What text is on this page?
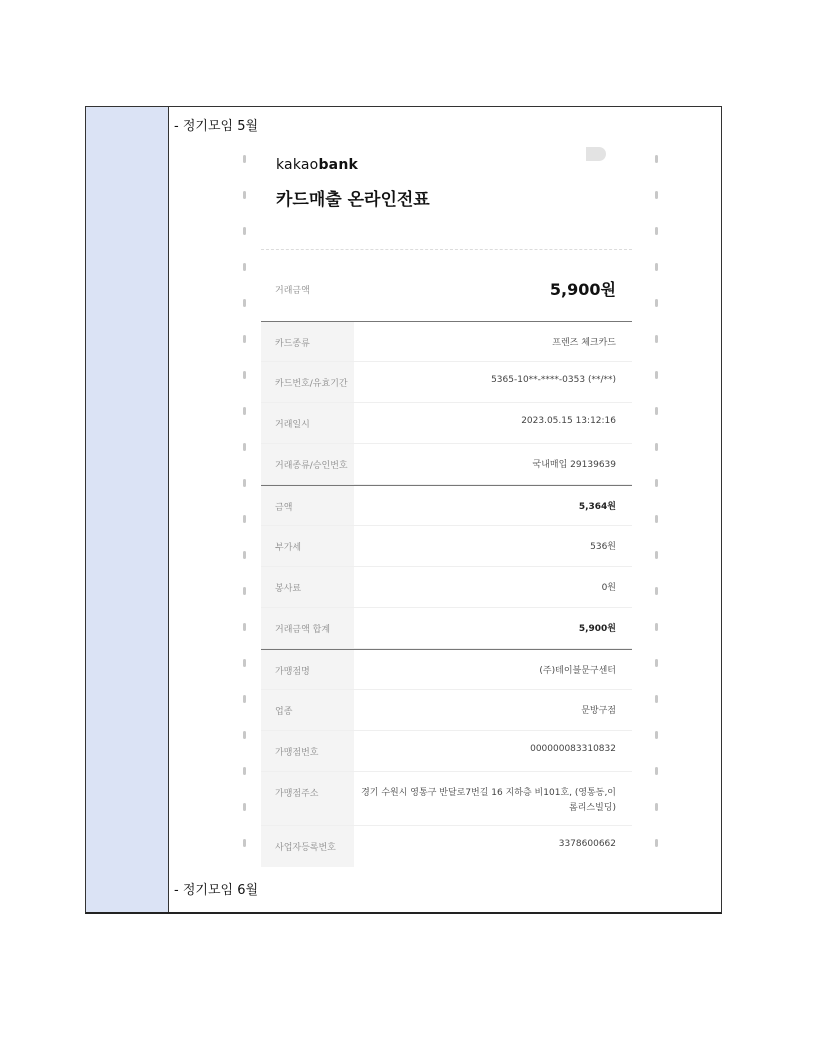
- 정기모임 5월
kakaobank
카드매출 온라인전표
거래금액	5,900원
카드종류	프렌즈 체크카드
카드번호/유효기간	5365-10**-****-0353 (**/**)
거래일시	2023.05.15 13:12:16
거래종류/승인번호	국내매입 29139639
금액	5,364원
부가세	536원
봉사료	0원
거래금액 합계	5,900원
가맹점명	(주)테이블문구센터
업종	문방구점
가맹점번호	000000083310832
가맹점주소	경기 수원시 영통구 반달로7번길 16 지하층 비101호, (영통동,이롬리스빌딩)
사업자등록번호	3378600662
- 정기모임 6월
